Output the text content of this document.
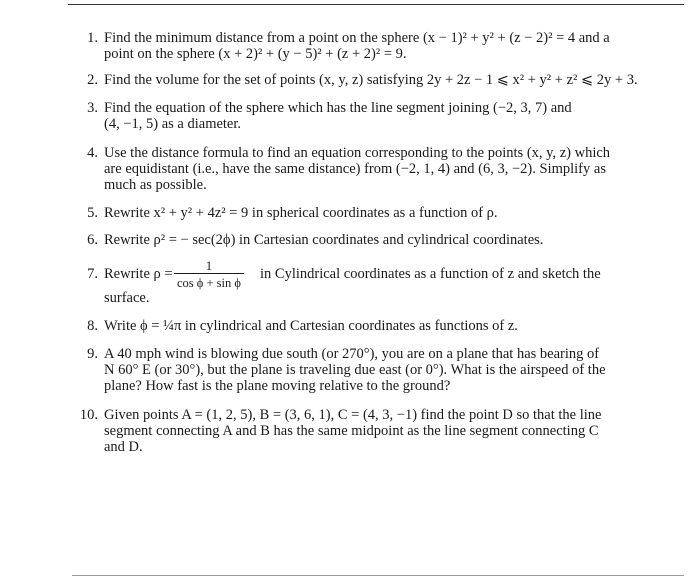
1. Find the minimum distance from a point on the sphere (x − 1)² + y² + (z − 2)² = 4 and a
point on the sphere (x + 2)² + (y − 5)² + (z + 2)² = 9.
2. Find the volume for the set of points (x, y, z) satisfying 2y + 2z − 1 ⩽ x² + y² + z² ⩽ 2y + 3.
3. Find the equation of the sphere which has the line segment joining (−2, 3, 7) and
(4, −1, 5) as a diameter.
4. Use the distance formula to find an equation corresponding to the points (x, y, z) which
are equidistant (i.e., have the same distance) from (−2, 1, 4) and (6, 3, −2). Simplify as
much as possible.
5. Rewrite x² + y² + 4z² = 9 in spherical coordinates as a function of ρ.
6. Rewrite ρ² = − sec(2ϕ) in Cartesian coordinates and cylindrical coordinates.
7. Rewrite $\rho = \frac{1}{\text{cos ϕ + sin ϕ}}$ in Cylindrical coordinates as a function of z and sketch the
surface.
8. Write ϕ = ¼π in cylindrical and Cartesian coordinates as functions of z.
9. A 40 mph wind is blowing due south (or 270°), you are on a plane that has bearing of
N 60° E (or 30°), but the plane is traveling due east (or 0°). What is the airspeed of the
plane? How fast is the plane moving relative to the ground?
10. Given points A = (1, 2, 5), B = (3, 6, 1), C = (4, 3, −1) find the point D so that the line
segment connecting A and B has the same midpoint as the line segment connecting C
and D.
